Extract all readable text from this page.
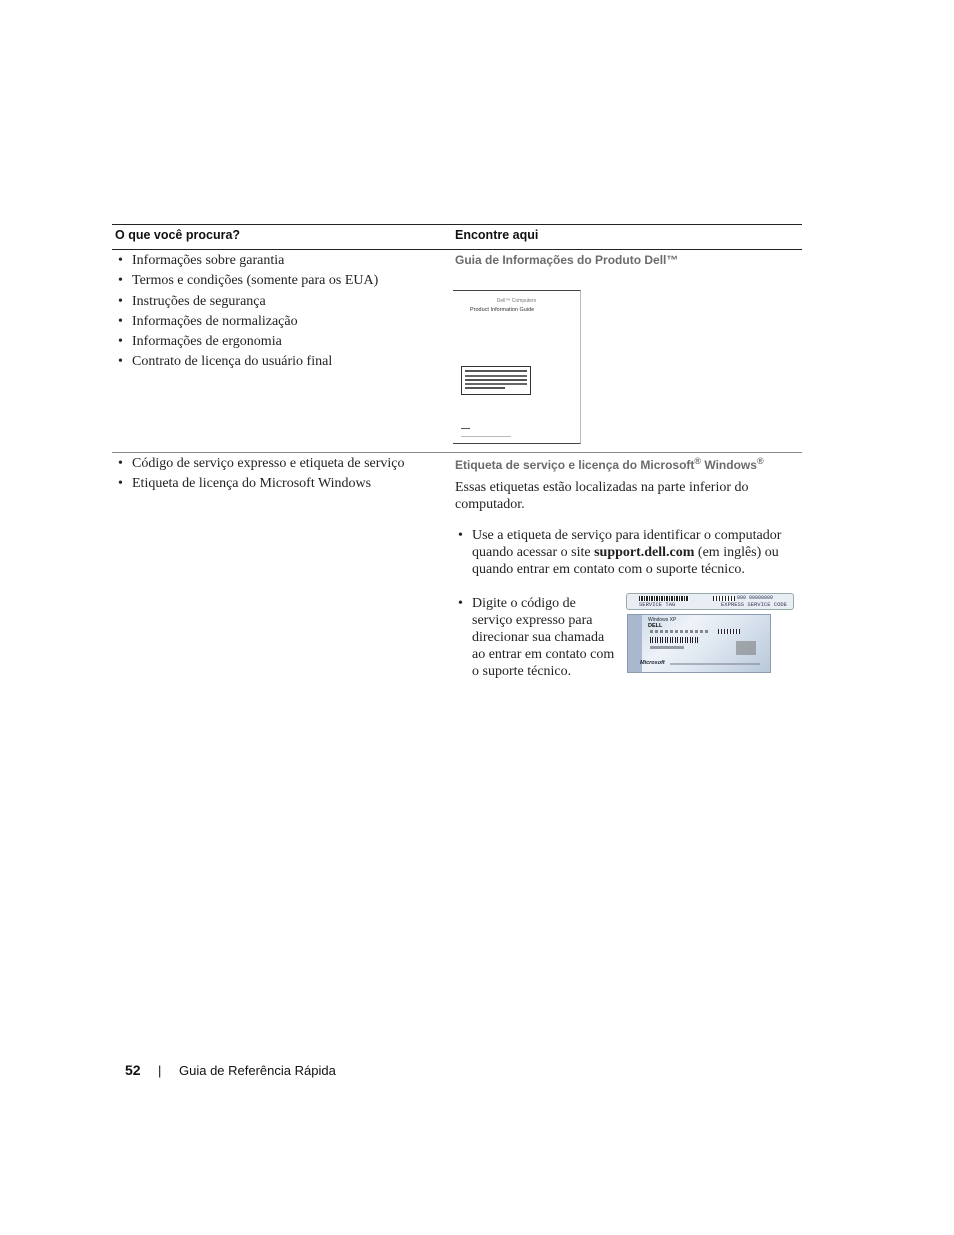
O que você procura?	Encontre aqui
• Informações sobre garantia
• Termos e condições (somente para os EUA)
• Instruções de segurança
• Informações de normalização
• Informações de ergonomia
• Contrato de licença do usuário final
Guia de Informações do Produto Dell™
Dell™ Computers
Product Information Guide
• Código de serviço expresso e etiqueta de serviço
• Etiqueta de licença do Microsoft Windows
Etiqueta de serviço e licença do Microsoft® Windows®
Essas etiquetas estão localizadas na parte inferior do computador.
• Use a etiqueta de serviço para identificar o computador quando acessar o site support.dell.com (em inglês) ou quando entrar em contato com o suporte técnico.
• Digite o código de serviço expresso para direcionar sua chamada ao entrar em contato com o suporte técnico.
000 00000000
SERVICE TAG	EXPRESS SERVICE CODE
Windows XP
DELL
Microsoft
52 | Guia de Referência Rápida
